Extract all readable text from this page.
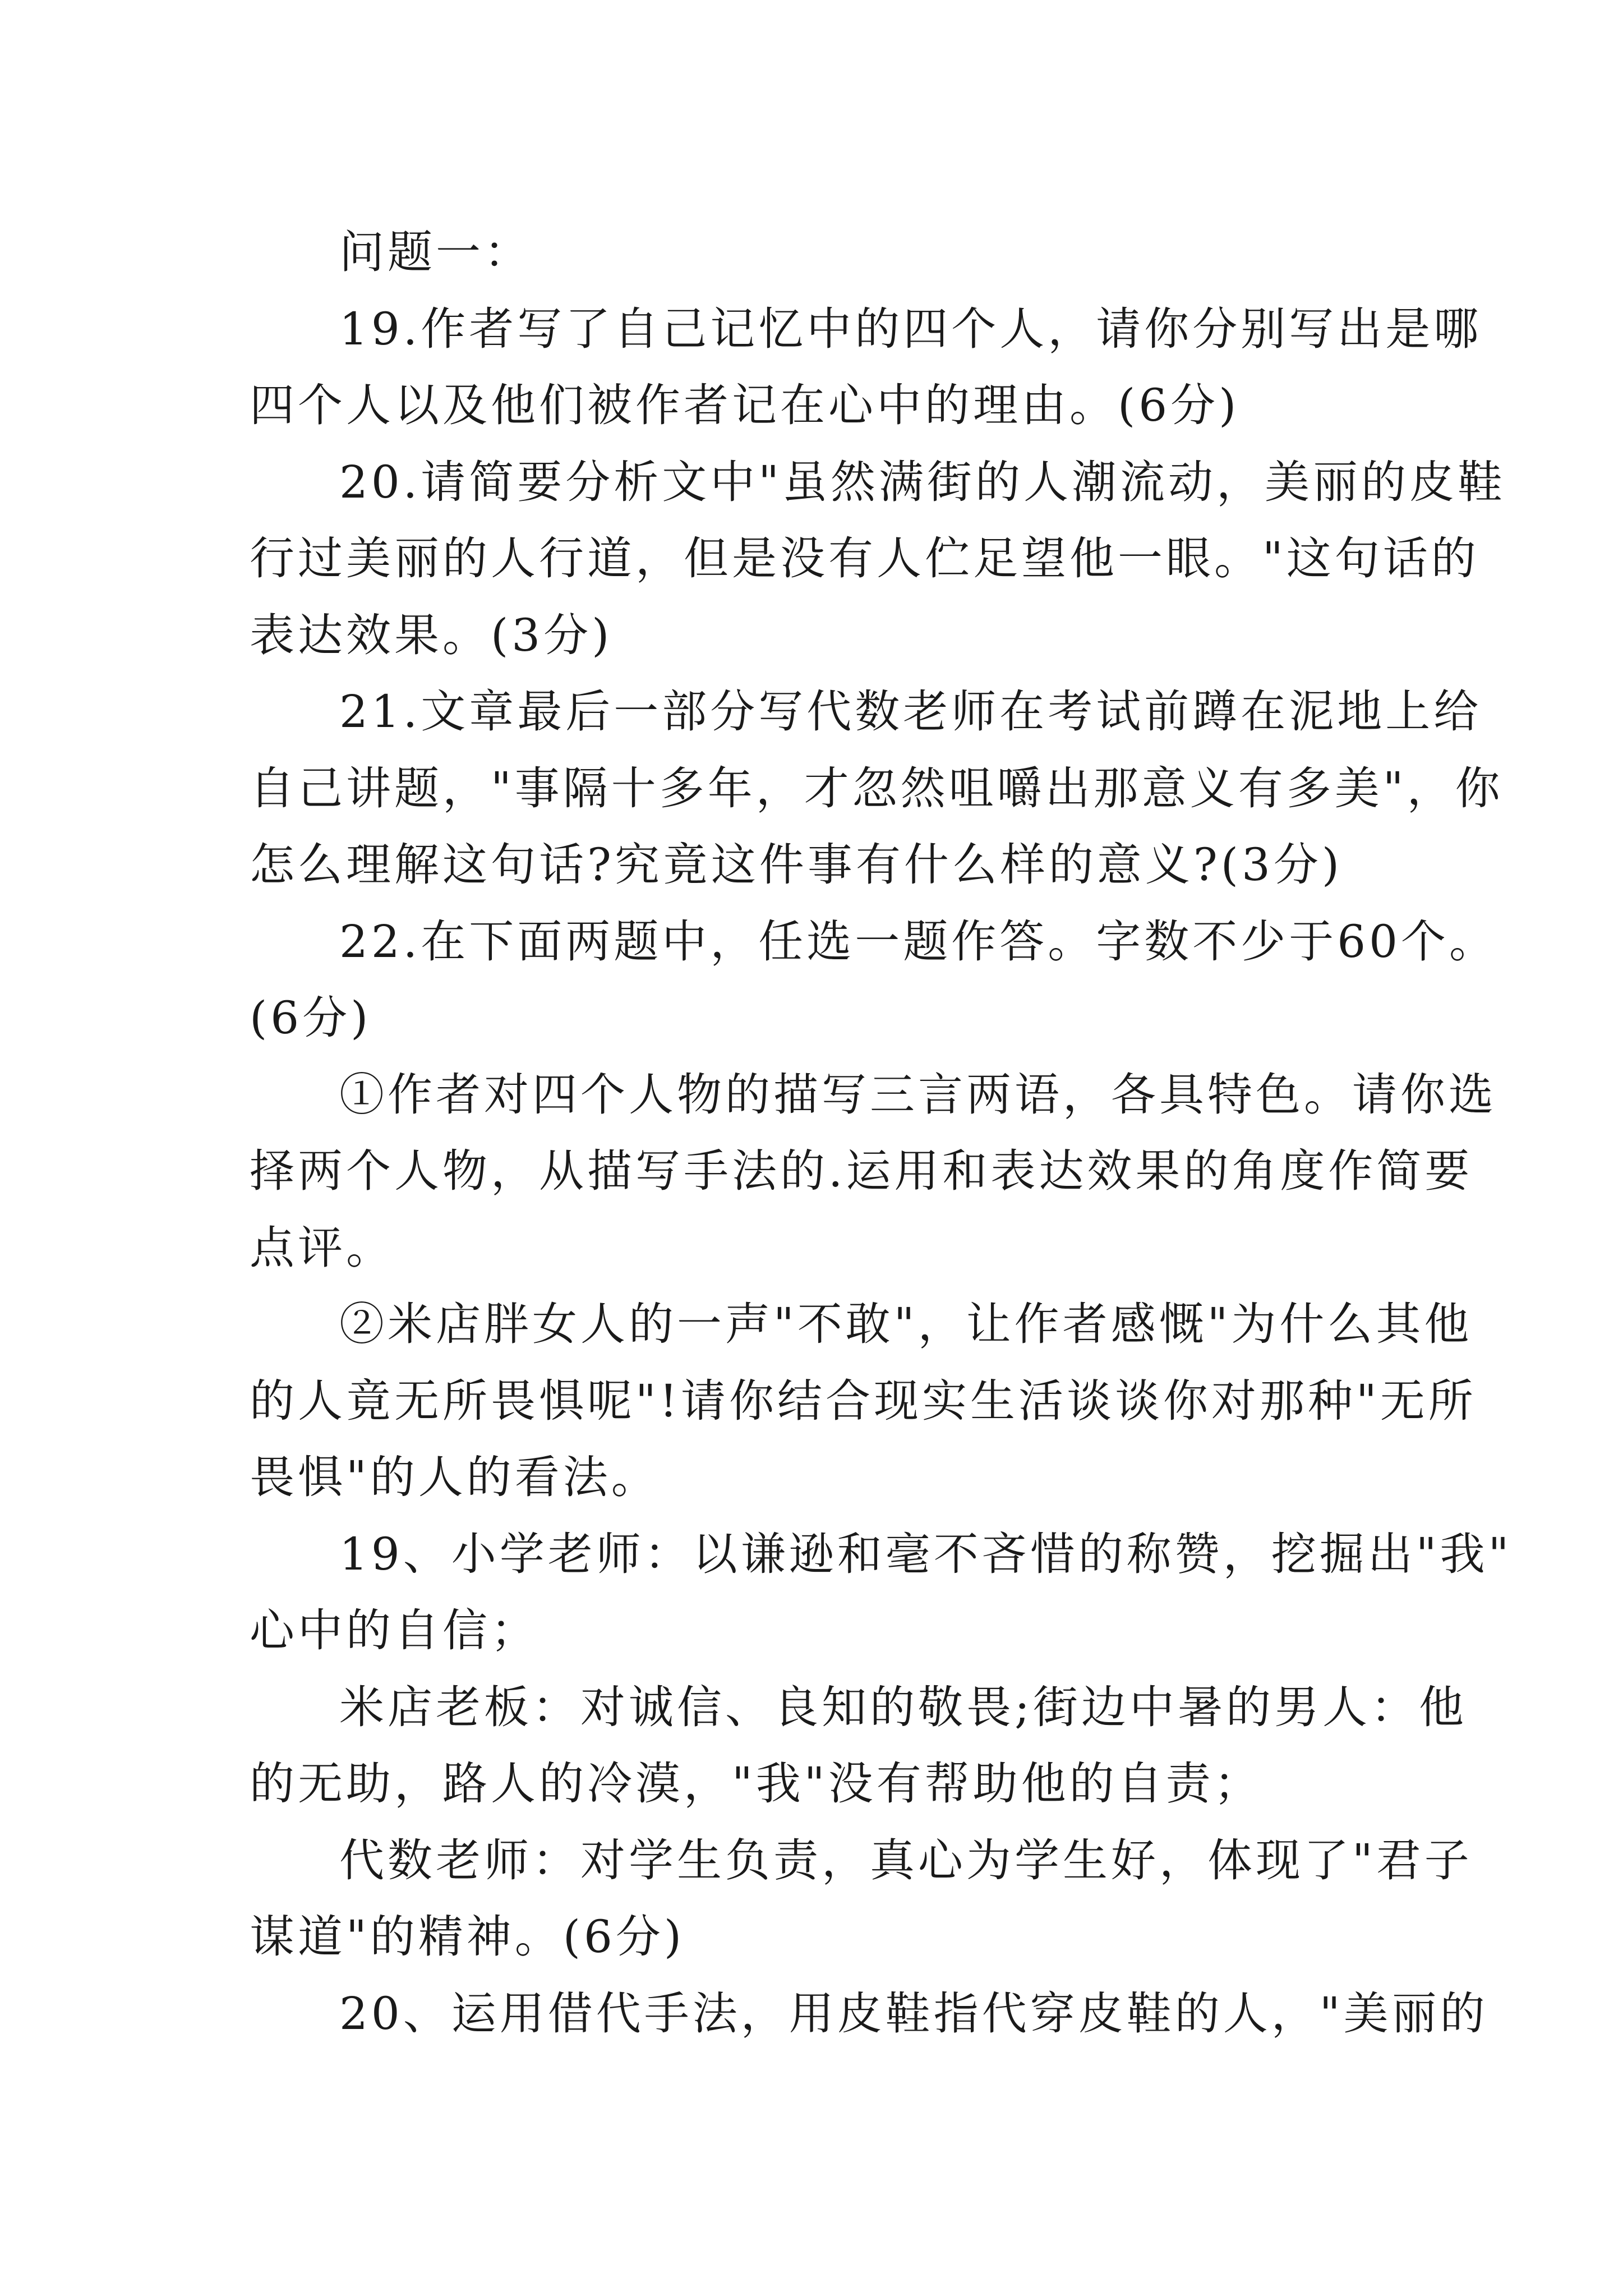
问题一：

19.作者写了自己记忆中的四个人，请你分别写出是哪
四个人以及他们被作者记在心中的理由。(6分)

20.请简要分析文中"虽然满街的人潮流动，美丽的皮鞋
行过美丽的人行道，但是没有人伫足望他一眼。"这句话的
表达效果。(3分)

21.文章最后一部分写代数老师在考试前蹲在泥地上给
自己讲题，"事隔十多年，才忽然咀嚼出那意义有多美"，你
怎么理解这句话?究竟这件事有什么样的意义?(3分)

22.在下面两题中，任选一题作答。字数不少于60个。
(6分)

①作者对四个人物的描写三言两语，各具特色。请你选
择两个人物，从描写手法的.运用和表达效果的角度作简要
点评。

②米店胖女人的一声"不敢"，让作者感慨"为什么其他
的人竟无所畏惧呢"!请你结合现实生活谈谈你对那种"无所
畏惧"的人的看法。

19、小学老师：以谦逊和毫不吝惜的称赞，挖掘出"我"
心中的自信；

米店老板：对诚信、良知的敬畏;街边中暑的男人：他
的无助，路人的冷漠，"我"没有帮助他的自责；

代数老师：对学生负责，真心为学生好，体现了"君子
谋道"的精神。(6分)

20、运用借代手法，用皮鞋指代穿皮鞋的人，"美丽的
